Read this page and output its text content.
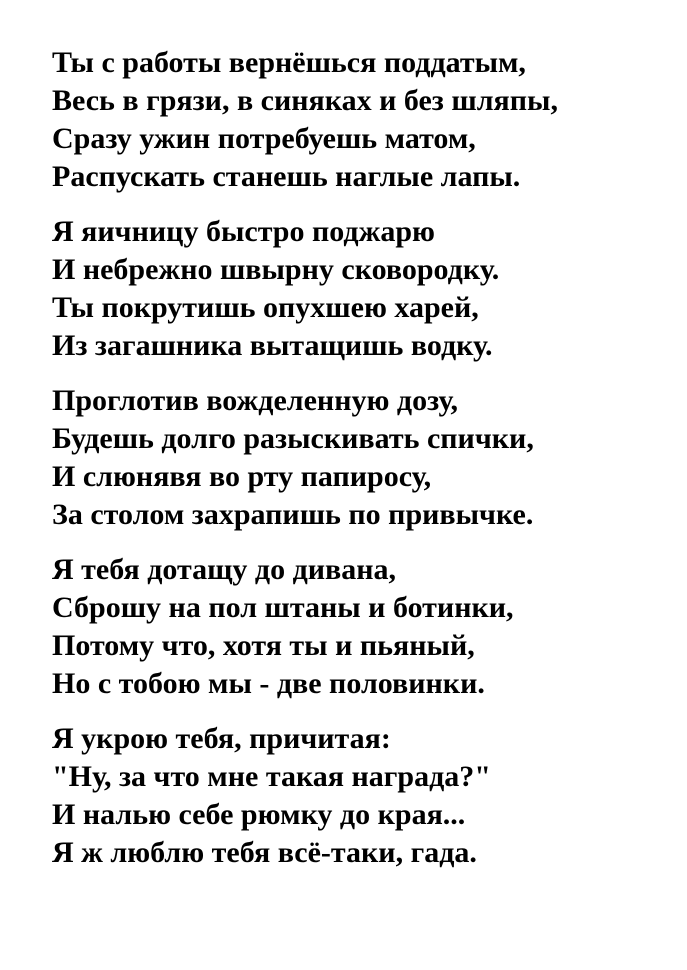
Ты с работы вернёшься поддатым,
Весь в грязи, в синяках и без шляпы,
Сразу ужин потребуешь матом,
Распускать станешь наглые лапы.
Я яичницу быстро поджарю
И небрежно швырну сковородку.
Ты покрутишь опухшею харей,
Из загашника вытащишь водку.
Проглотив вожделенную дозу,
Будешь долго разыскивать спички,
И слюнявя во рту папиросу,
За столом захрапишь по привычке.
Я тебя дотащу до дивана,
Сброшу на пол штаны и ботинки,
Потому что, хотя ты и пьяный,
Но с тобою мы - две половинки.
Я укрою тебя, причитая:
"Ну, за что мне такая награда?"
И налью себе рюмку до края...
Я ж люблю тебя всё-таки, гада.
